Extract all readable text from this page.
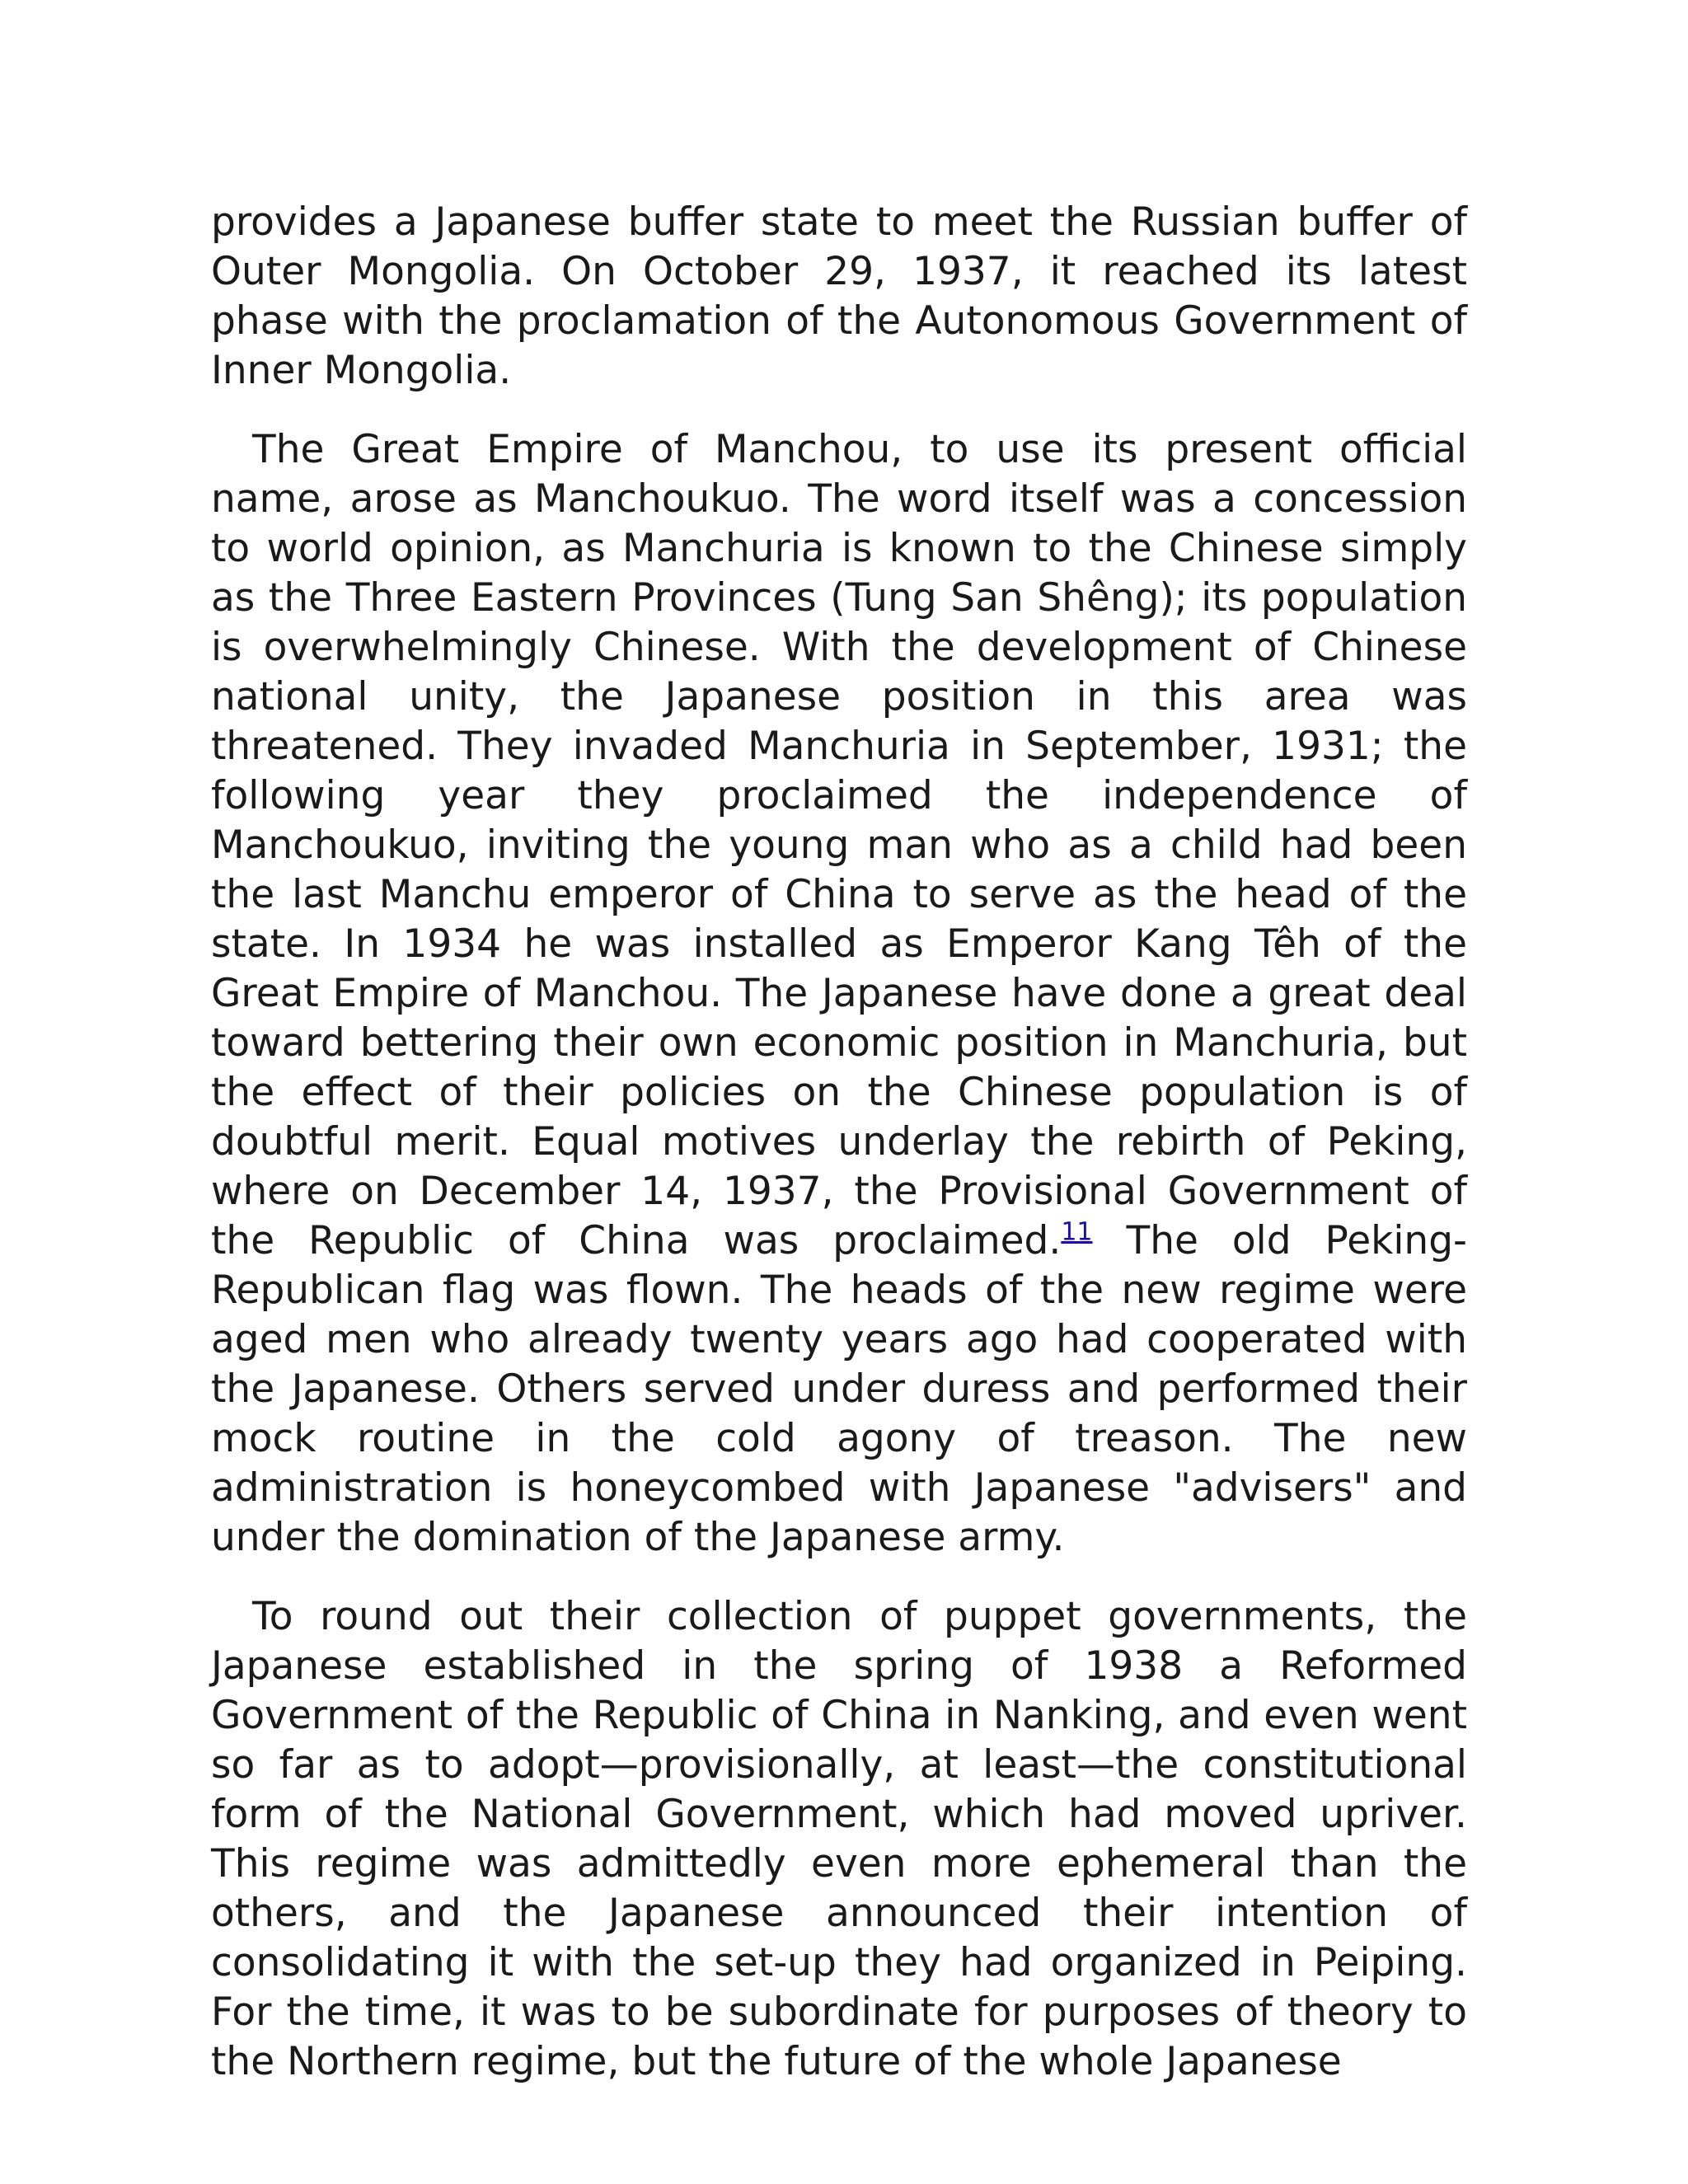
provides a Japanese buffer state to meet the Russian buffer of Outer Mongolia. On October 29, 1937, it reached its latest phase with the proclamation of the Autonomous Government of Inner Mongolia.

The Great Empire of Manchou, to use its present official name, arose as Manchoukuo. The word itself was a concession to world opinion, as Manchuria is known to the Chinese simply as the Three Eastern Provinces (Tung San Shêng); its population is overwhelmingly Chinese. With the development of Chinese national unity, the Japanese position in this area was threatened. They invaded Manchuria in September, 1931; the following year they proclaimed the independence of Manchoukuo, inviting the young man who as a child had been the last Manchu emperor of China to serve as the head of the state. In 1934 he was installed as Emperor Kang Têh of the Great Empire of Manchou. The Japanese have done a great deal toward bettering their own economic position in Manchuria, but the effect of their policies on the Chinese population is of doubtful merit. Equal motives underlay the rebirth of Peking, where on December 14, 1937, the Provisional Government of the Republic of China was proclaimed.$^{11}$ The old Peking-Republican flag was flown. The heads of the new regime were aged men who already twenty years ago had cooperated with the Japanese. Others served under duress and performed their mock routine in the cold agony of treason. The new administration is honeycombed with Japanese "advisers" and under the domination of the Japanese army.

To round out their collection of puppet governments, the Japanese established in the spring of 1938 a Reformed Government of the Republic of China in Nanking, and even went so far as to adopt—provisionally, at least—the constitutional form of the National Government, which had moved upriver. This regime was admittedly even more ephemeral than the others, and the Japanese announced their intention of consolidating it with the set-up they had organized in Peiping. For the time, it was to be subordinate for purposes of theory to the Northern regime, but the future of the whole Japanese
